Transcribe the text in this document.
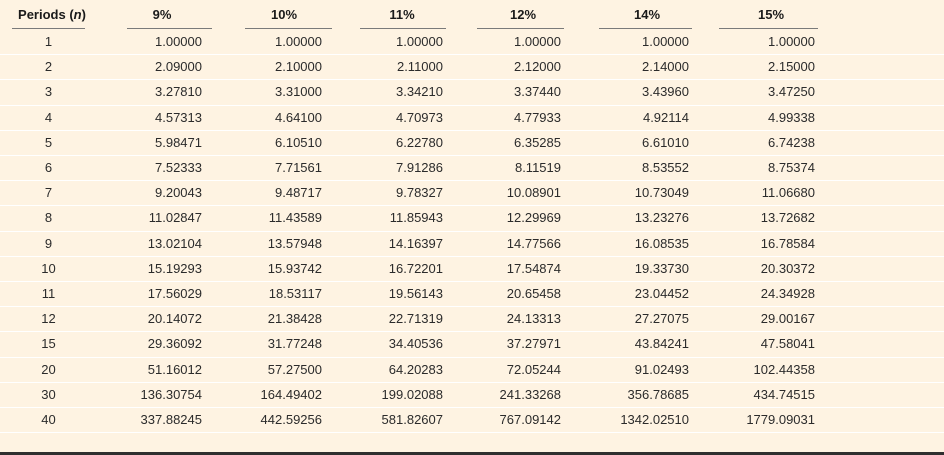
Periods (n)	9%	10%	11%	12%	14%	15%
1	1.00000	1.00000	1.00000	1.00000	1.00000	1.00000
2	2.09000	2.10000	2.11000	2.12000	2.14000	2.15000
3	3.27810	3.31000	3.34210	3.37440	3.43960	3.47250
4	4.57313	4.64100	4.70973	4.77933	4.92114	4.99338
5	5.98471	6.10510	6.22780	6.35285	6.61010	6.74238
6	7.52333	7.71561	7.91286	8.11519	8.53552	8.75374
7	9.20043	9.48717	9.78327	10.08901	10.73049	11.06680
8	11.02847	11.43589	11.85943	12.29969	13.23276	13.72682
9	13.02104	13.57948	14.16397	14.77566	16.08535	16.78584
10	15.19293	15.93742	16.72201	17.54874	19.33730	20.30372
11	17.56029	18.53117	19.56143	20.65458	23.04452	24.34928
12	20.14072	21.38428	22.71319	24.13313	27.27075	29.00167
15	29.36092	31.77248	34.40536	37.27971	43.84241	47.58041
20	51.16012	57.27500	64.20283	72.05244	91.02493	102.44358
30	136.30754	164.49402	199.02088	241.33268	356.78685	434.74515
40	337.88245	442.59256	581.82607	767.09142	1342.02510	1779.09031
